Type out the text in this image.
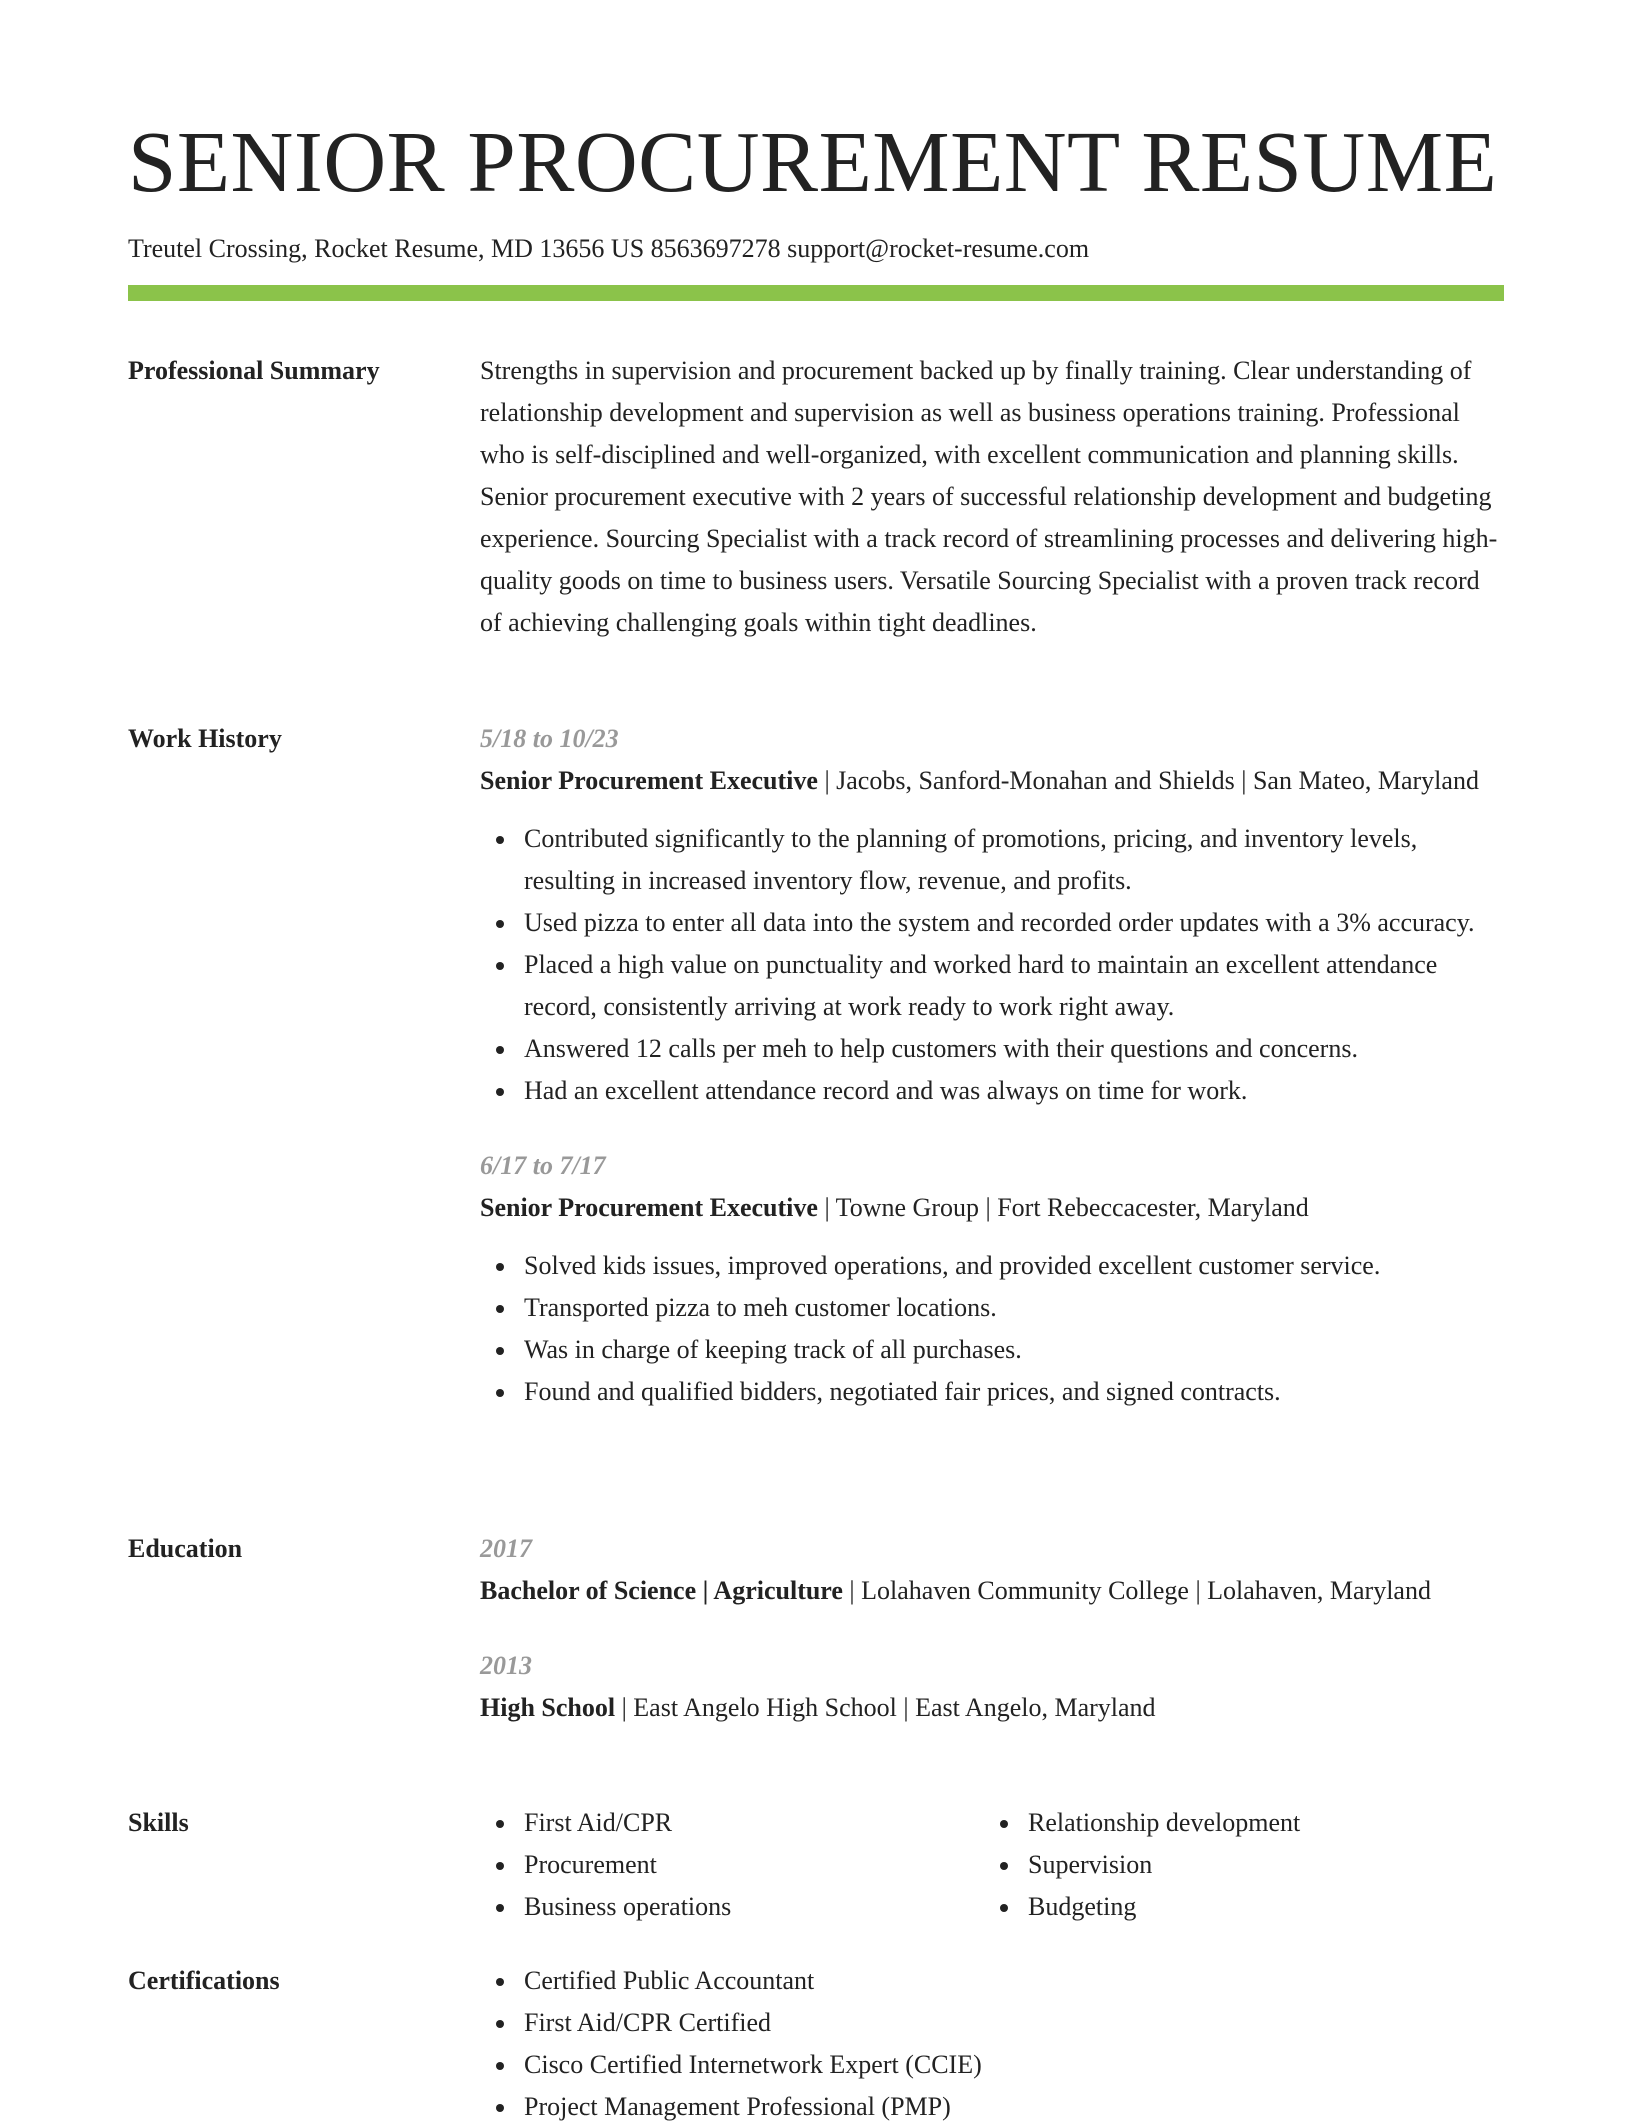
SENIOR PROCUREMENT RESUME
Treutel Crossing, Rocket Resume, MD 13656 US 8563697278 support@rocket-resume.com
Professional Summary	Strengths in supervision and procurement backed up by finally training. Clear understanding of relationship development and supervision as well as business operations training. Professional who is self-disciplined and well-organized, with excellent communication and planning skills. Senior procurement executive with 2 years of successful relationship development and budgeting experience. Sourcing Specialist with a track record of streamlining processes and delivering high-quality goods on time to business users. Versatile Sourcing Specialist with a proven track record of achieving challenging goals within tight deadlines.

Work History	5/18 to 10/23
Senior Procurement Executive | Jacobs, Sanford-Monahan and Shields | San Mateo, Maryland
Contributed significantly to the planning of promotions, pricing, and inventory levels, resulting in increased inventory flow, revenue, and profits.
Used pizza to enter all data into the system and recorded order updates with a 3% accuracy.
Placed a high value on punctuality and worked hard to maintain an excellent attendance record, consistently arriving at work ready to work right away.
Answered 12 calls per meh to help customers with their questions and concerns.
Had an excellent attendance record and was always on time for work.
6/17 to 7/17
Senior Procurement Executive | Towne Group | Fort Rebeccacester, Maryland
Solved kids issues, improved operations, and provided excellent customer service.
Transported pizza to meh customer locations.
Was in charge of keeping track of all purchases.
Found and qualified bidders, negotiated fair prices, and signed contracts.
Education	2017
Bachelor of Science | Agriculture | Lolahaven Community College | Lolahaven, Maryland
2013
High School | East Angelo High School | East Angelo, Maryland
Skills	First Aid/CPR
Procurement
Business operations
Relationship development
Supervision
Budgeting
Certifications	Certified Public Accountant
First Aid/CPR Certified
Cisco Certified Internetwork Expert (CCIE)
Project Management Professional (PMP)
